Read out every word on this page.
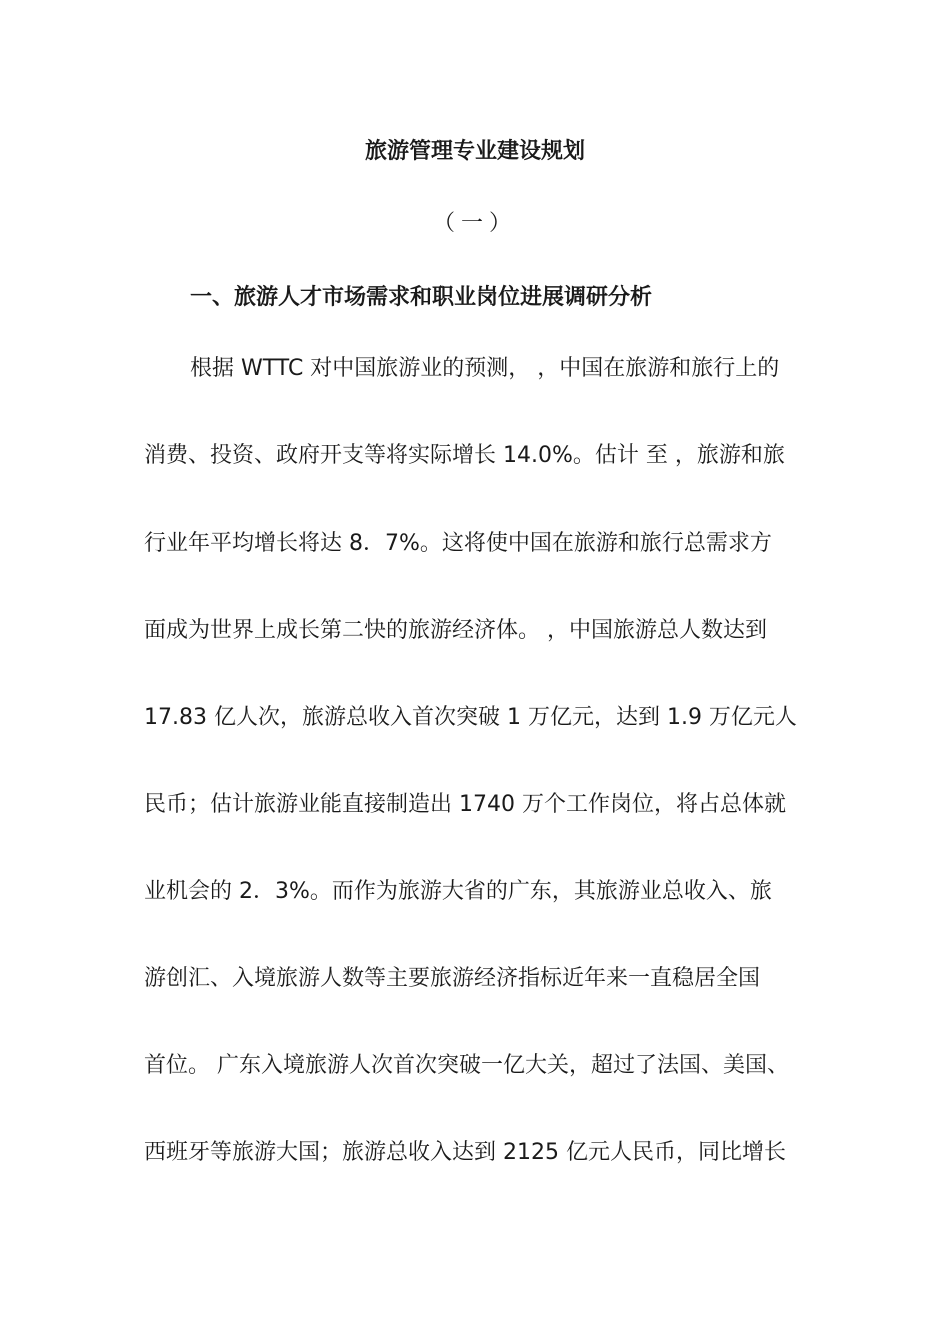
旅游管理专业建设规划
（一）
一、旅游人才市场需求和职业岗位进展调研分析
根据 WTTC 对中国旅游业的预测， ，中国在旅游和旅行上的
消费、投资、政府开支等将实际增长 14.0%。估计 至 ，旅游和旅
行业年平均增长将达 8．7%。这将使中国在旅游和旅行总需求方
面成为世界上成长第二快的旅游经济体。 ，中国旅游总人数达到
17.83 亿人次，旅游总收入首次突破 1 万亿元，达到 1.9 万亿元人
民币；估计旅游业能直接制造出 1740 万个工作岗位，将占总体就
业机会的 2．3%。而作为旅游大省的广东，其旅游业总收入、旅
游创汇、入境旅游人数等主要旅游经济指标近年来一直稳居全国
首位。 广东入境旅游人次首次突破一亿大关，超过了法国、美国、
西班牙等旅游大国；旅游总收入达到 2125 亿元人民币，同比增长
